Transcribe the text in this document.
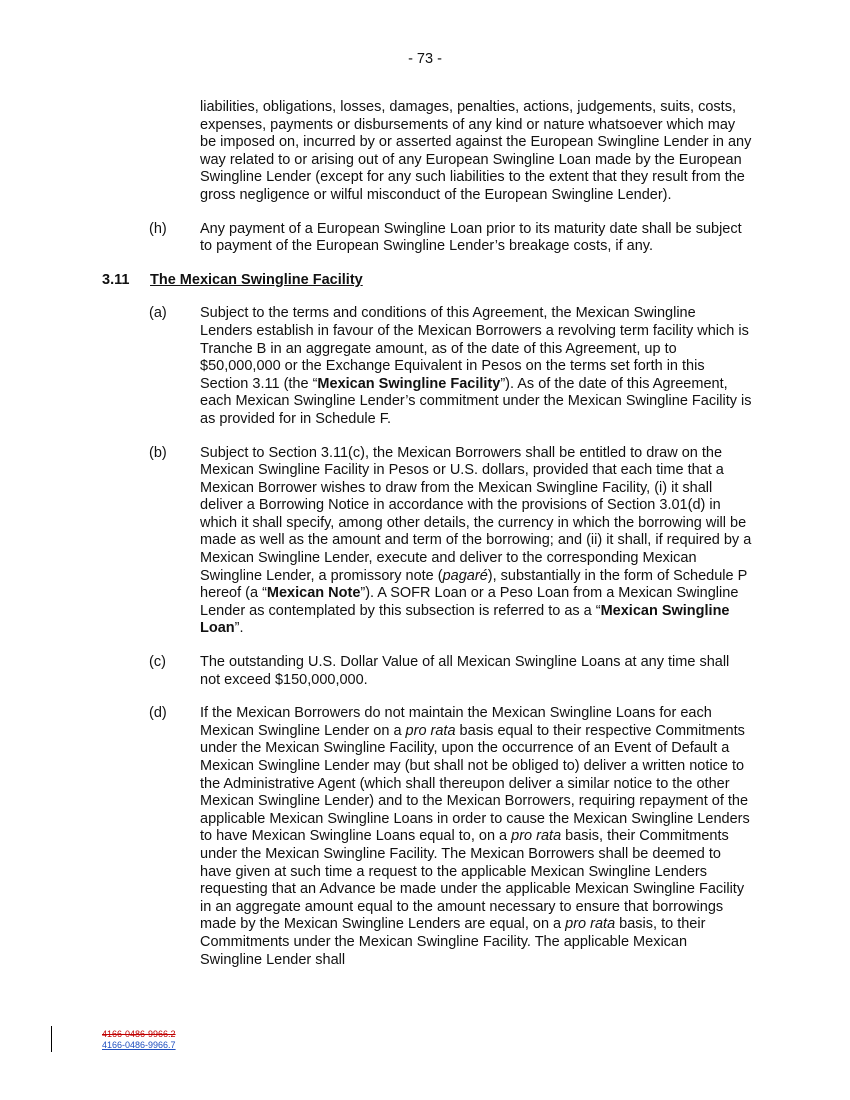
- 73 -

liabilities, obligations, losses, damages, penalties, actions, judgements, suits, costs, expenses, payments or disbursements of any kind or nature whatsoever which may be imposed on, incurred by or asserted against the European Swingline Lender in any way related to or arising out of any European Swingline Loan made by the European Swingline Lender (except for any such liabilities to the extent that they result from the gross negligence or wilful misconduct of the European Swingline Lender).

(h)	Any payment of a European Swingline Loan prior to its maturity date shall be subject to payment of the European Swingline Lender’s breakage costs, if any.
3.11	The Mexican Swingline Facility
(a)	Subject to the terms and conditions of this Agreement, the Mexican Swingline Lenders establish in favour of the Mexican Borrowers a revolving term facility which is Tranche B in an aggregate amount, as of the date of this Agreement, up to $50,000,000 or the Exchange Equivalent in Pesos on the terms set forth in this Section 3.11 (the “Mexican Swingline Facility”). As of the date of this Agreement, each Mexican Swingline Lender’s commitment under the Mexican Swingline Facility is as provided for in Schedule F.
(b)	Subject to Section 3.11(c), the Mexican Borrowers shall be entitled to draw on the Mexican Swingline Facility in Pesos or U.S. dollars, provided that each time that a Mexican Borrower wishes to draw from the Mexican Swingline Facility, (i) it shall deliver a Borrowing Notice in accordance with the provisions of Section 3.01(d) in which it shall specify, among other details, the currency in which the borrowing will be made as well as the amount and term of the borrowing; and (ii) it shall, if required by a Mexican Swingline Lender, execute and deliver to the corresponding Mexican Swingline Lender, a promissory note (pagaré), substantially in the form of Schedule P hereof (a “Mexican Note”). A SOFR Loan or a Peso Loan from a Mexican Swingline Lender as contemplated by this subsection is referred to as a “Mexican Swingline Loan”.
(c)	The outstanding U.S. Dollar Value of all Mexican Swingline Loans at any time shall not exceed $150,000,000.
(d)	If the Mexican Borrowers do not maintain the Mexican Swingline Loans for each Mexican Swingline Lender on a pro rata basis equal to their respective Commitments under the Mexican Swingline Facility, upon the occurrence of an Event of Default a Mexican Swingline Lender may (but shall not be obliged to) deliver a written notice to the Administrative Agent (which shall thereupon deliver a similar notice to the other Mexican Swingline Lender) and to the Mexican Borrowers, requiring repayment of the applicable Mexican Swingline Loans in order to cause the Mexican Swingline Lenders to have Mexican Swingline Loans equal to, on a pro rata basis, their Commitments under the Mexican Swingline Facility. The Mexican Borrowers shall be deemed to have given at such time a request to the applicable Mexican Swingline Lenders requesting that an Advance be made under the applicable Mexican Swingline Facility in an aggregate amount equal to the amount necessary to ensure that borrowings made by the Mexican Swingline Lenders are equal, on a pro rata basis, to their Commitments under the Mexican Swingline Facility. The applicable Mexican Swingline Lender shall
4166-0486-9966.2
4166-0486-9966.7
